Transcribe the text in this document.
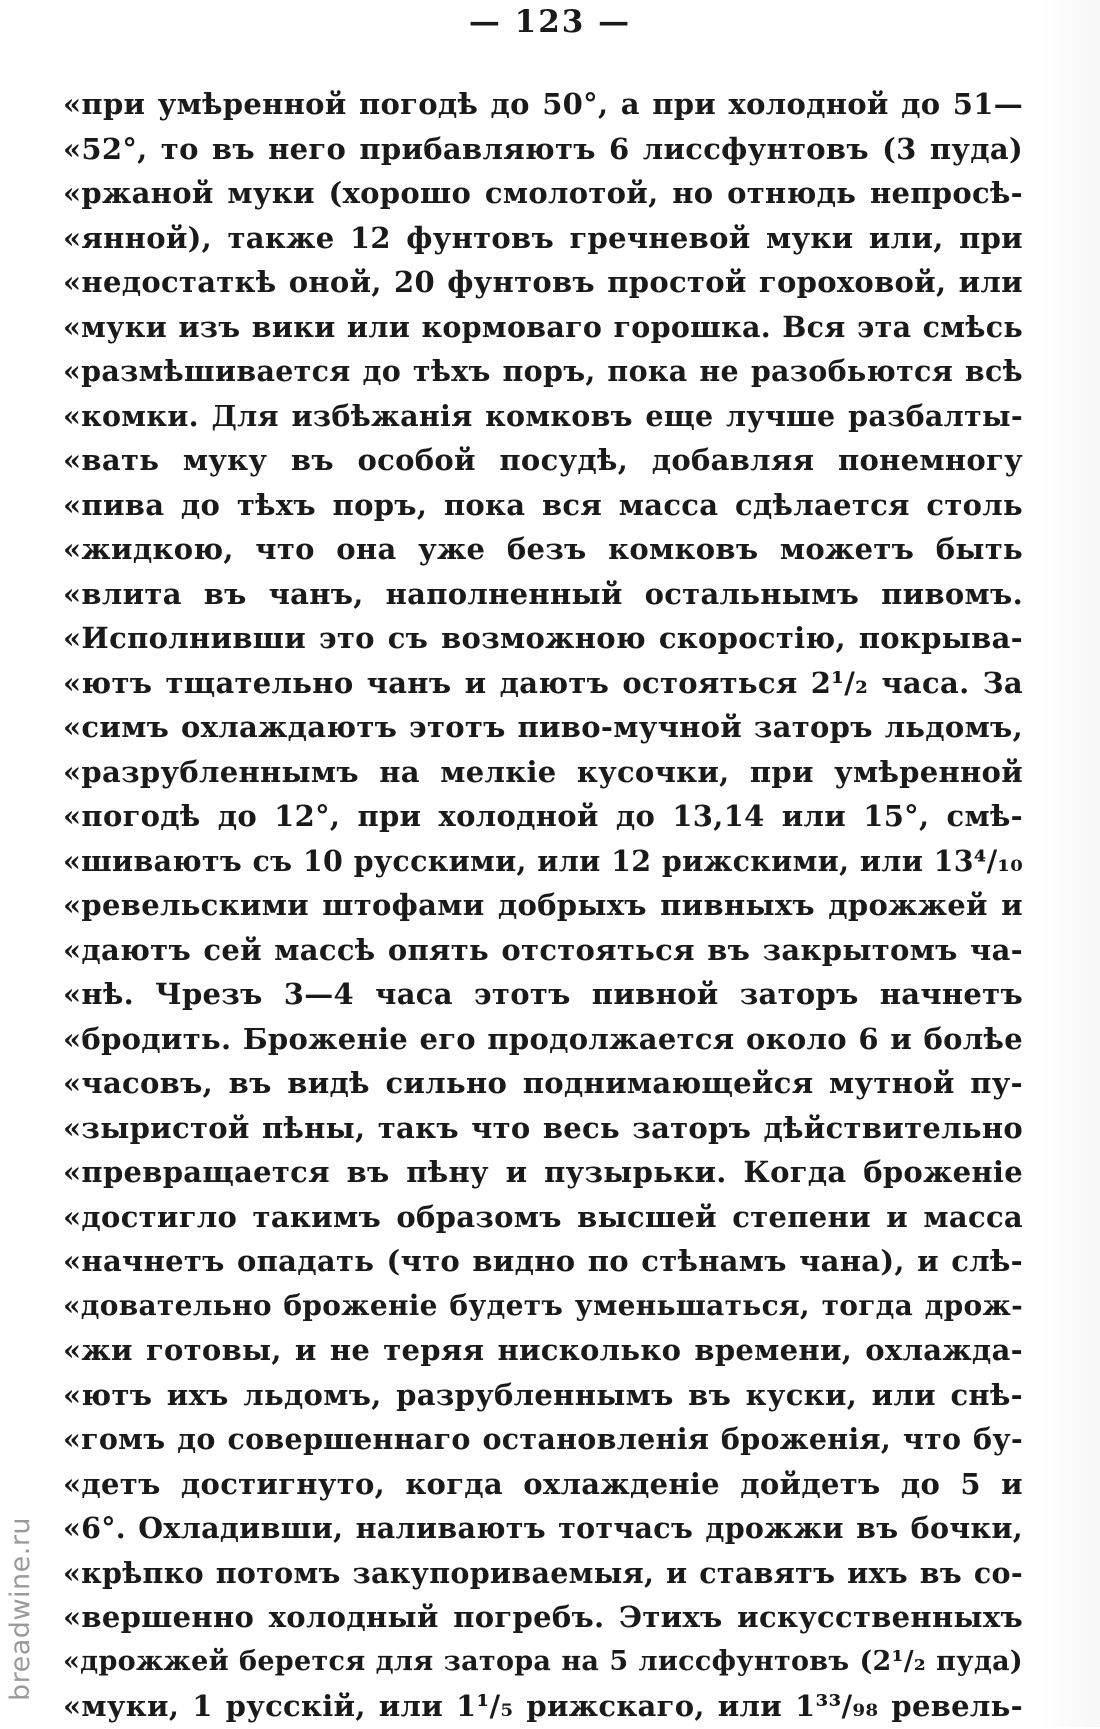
— 123 —
«при умѣренной погодѣ до 50°, а при холодной до 51—
«52°, то въ него прибавляютъ 6 лиссфунтовъ (3 пуда)
«ржаной муки (хорошо смолотой, но отнюдь непросѣ-
«янной), также 12 фунтовъ гречневой муки или, при
«недостаткѣ оной, 20 фунтовъ простой гороховой, или
«муки изъ вики или кормоваго горошка. Вся эта смѣсь
«размѣшивается до тѣхъ поръ, пока не разобьются всѣ
«комки. Для избѣжанія комковъ еще лучше разбалты-
«вать муку въ особой посудѣ, добавляя понемногу
«пива до тѣхъ поръ, пока вся масса сдѣлается столь
«жидкою, что она уже безъ комковъ можетъ быть
«влита въ чанъ, наполненный остальнымъ пивомъ.
«Исполнивши это съ возможною скоростію, покрыва-
«ютъ тщательно чанъ и даютъ остояться 2¹/₂ часа. За
«симъ охлаждаютъ этотъ пиво-мучной заторъ льдомъ,
«разрубленнымъ на мелкіе кусочки, при умѣренной
«погодѣ до 12°, при холодной до 13,14 или 15°, смѣ-
«шиваютъ съ 10 русскими, или 12 рижскими, или 13⁴/₁₀
«ревельскими штофами добрыхъ пивныхъ дрожжей и
«даютъ сей массѣ опять отстояться въ закрытомъ ча-
«нѣ. Чрезъ 3—4 часа этотъ пивной заторъ начнетъ
«бродить. Броженіе его продолжается около 6 и болѣе
«часовъ, въ видѣ сильно поднимающейся мутной пу-
«зыристой пѣны, такъ что весь заторъ дѣйствительно
«превращается въ пѣну и пузырьки. Когда броженіе
«достигло такимъ образомъ высшей степени и масса
«начнетъ опадать (что видно по стѣнамъ чана), и слѣ-
«довательно броженіе будетъ уменьшаться, тогда дрож-
«жи готовы, и не теряя нисколько времени, охлажда-
«ютъ ихъ льдомъ, разрубленнымъ въ куски, или снѣ-
«гомъ до совершеннаго остановленія броженія, что бу-
«детъ достигнуто, когда охлажденіе дойдетъ до 5 и
«6°. Охладивши, наливаютъ тотчасъ дрожжи въ бочки,
«крѣпко потомъ закупориваемыя, и ставятъ ихъ въ со-
«вершенно холодный погребъ. Этихъ искусственныхъ
«дрожжей берется для затора на 5 лиссфунтовъ (2¹/₂ пуда)
«муки, 1 русскій, или 1¹/₅ рижскаго, или 1³³/₉₈ ревель-
breadwine.ru
